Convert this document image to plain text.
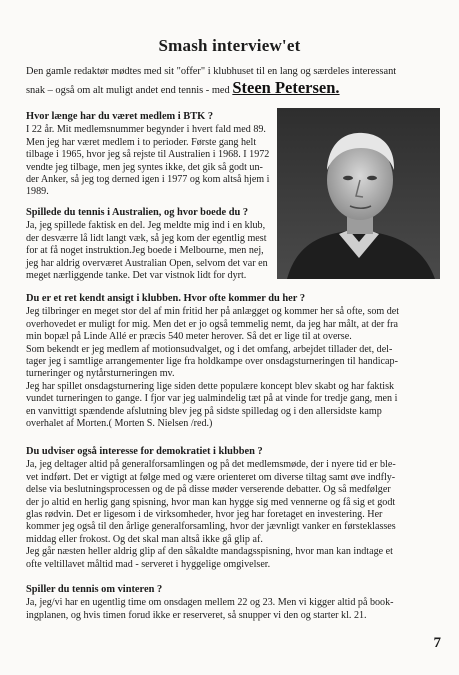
Smash interview'et
Den gamle redaktør mødtes med sit "offer" i klubhuset til en lang og særdeles interessant
snak – også om alt muligt andet end tennis - med Steen Petersen.

Hvor længe har du været medlem i BTK ?

I 22 år. Mit medlemsnummer begynder i hvert fald med 89.

Men jeg har været medlem i to perioder. Første gang helt

tilbage i 1965, hvor jeg så rejste til Australien i 1968. I 1972

vendte jeg tilbage, men jeg syntes ikke, det gik så godt un-

der Anker, så jeg tog derned igen i 1977 og kom altså hjem i

1989.

Spillede du tennis i Australien, og hvor boede du ?

Ja, jeg spillede faktisk en del. Jeg meldte mig ind i en klub,

der desværre lå lidt langt væk, så jeg kom der egentlig mest

for at få noget instruktion.Jeg boede i Melbourne, men nej,

jeg har aldrig overværet Australian Open, selvom det var en

meget nærliggende tanke. Det var vistnok lidt for dyrt.

Du er et ret kendt ansigt i klubben. Hvor ofte kommer du her ?

Jeg tilbringer en meget stor del af min fritid her på anlægget og kommer her så ofte, som det

overhovedet er muligt for mig. Men det er jo også temmelig nemt, da jeg har målt, at der fra

min bopæl på Linde Allé er præcis 540 meter herover. Så det er lige til at overse.

Som bekendt er jeg medlem af motionsudvalget, og i det omfang, arbejdet tillader det, del-

tager jeg i samtlige arrangementer lige fra holdkampe over onsdagsturneringen til handicap-

turneringer og nytårsturneringen mv.

Jeg har spillet onsdagsturnering lige siden dette populære koncept blev skabt og har faktisk

vundet turneringen to gange. I fjor var jeg ualmindelig tæt på at vinde for tredje gang, men i

en vanvittigt spændende afslutning blev jeg på sidste spilledag og i den allersidste kamp

overhalet af Morten.( Morten S. Nielsen /red.)

Du udviser også interesse for demokratiet i klubben ?

Ja, jeg deltager altid på generalforsamlingen og på det medlemsmøde, der i nyere tid er ble-

vet indført. Det er vigtigt at følge med og være orienteret om diverse tiltag samt øve indfly-

delse via beslutningsprocessen og de på disse møder verserende debatter. Og så medfølger

der jo altid en herlig gang spisning, hvor man kan hygge sig med vennerne og få sig et godt

glas rødvin. Det er ligesom i de virksomheder, hvor jeg har foretaget en investering. Her

kommer jeg også til den årlige generalforsamling, hvor der jævnligt vanker en førsteklasses

middag eller frokost. Og det skal man altså ikke gå glip af.

Jeg går næsten heller aldrig glip af den såkaldte mandagsspisning, hvor man kan indtage et

ofte veltillavet måltid mad - serveret i hyggelige omgivelser.

Spiller du tennis om vinteren ?

Ja, jeg/vi har en ugentlig time om onsdagen mellem 22 og 23. Men vi kigger altid på book-

ingplanen, og hvis timen forud ikke er reserveret, så snupper vi den og starter kl. 21.

7
